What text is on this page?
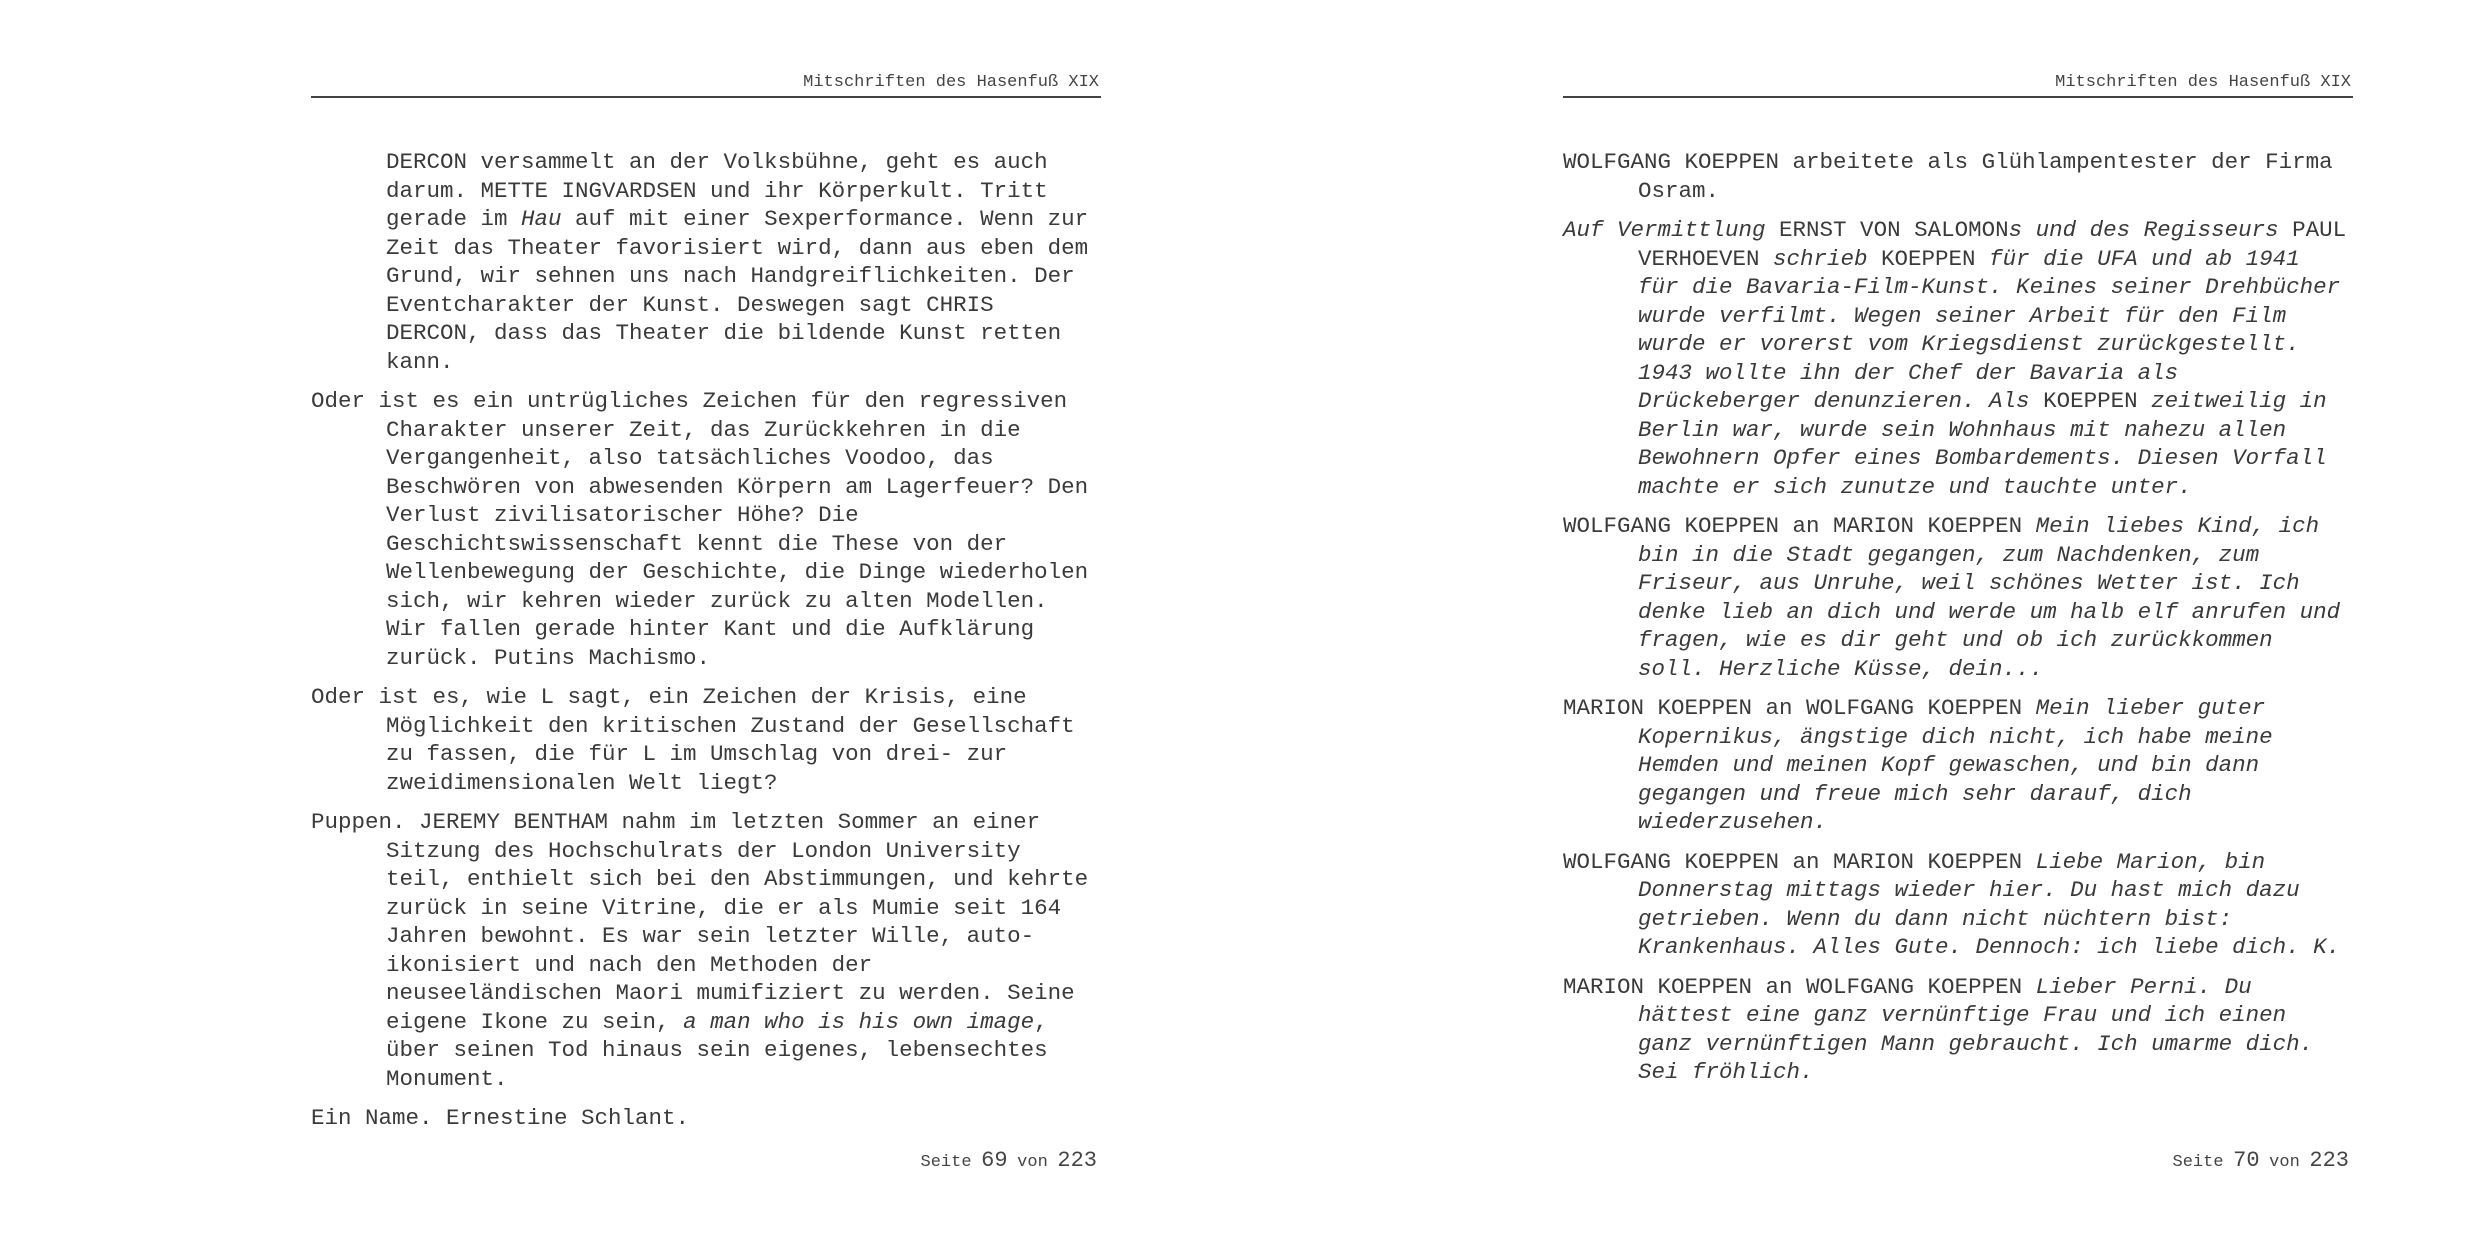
Mitschriften des Hasenfuß XIX

DERCON versammelt an der Volksbühne, geht es auch darum. METTE INGVARDSEN und ihr Körperkult. Tritt gerade im Hau auf mit einer Sexperformance. Wenn zur Zeit das Theater favorisiert wird, dann aus eben dem Grund, wir sehnen uns nach Handgreiflichkeiten. Der Eventcharakter der Kunst. Deswegen sagt CHRIS DERCON, dass das Theater die bildende Kunst retten kann.

Oder ist es ein untrügliches Zeichen für den regressiven Charakter unserer Zeit, das Zurückkehren in die Vergangenheit, also tatsächliches Voodoo, das Beschwören von abwesenden Körpern am Lagerfeuer? Den Verlust zivilisatorischer Höhe? Die Geschichtswissenschaft kennt die These von der Wellenbewegung der Geschichte, die Dinge wiederholen sich, wir kehren wieder zurück zu alten Modellen. Wir fallen gerade hinter Kant und die Aufklärung zurück. Putins Machismo.

Oder ist es, wie L sagt, ein Zeichen der Krisis, eine Möglichkeit den kritischen Zustand der Gesellschaft zu fassen, die für L im Umschlag von drei- zur zweidimensionalen Welt liegt?

Puppen. JEREMY BENTHAM nahm im letzten Sommer an einer Sitzung des Hochschulrats der London University teil, enthielt sich bei den Abstimmungen, und kehrte zurück in seine Vitrine, die er als Mumie seit 164 Jahren bewohnt. Es war sein letzter Wille, auto-ikonisiert und nach den Methoden der neuseeländischen Maori mumifiziert zu werden. Seine eigene Ikone zu sein, a man who is his own image, über seinen Tod hinaus sein eigenes, lebensechtes Monument.

Ein Name. Ernestine Schlant.

Seite 69 von 223
Mitschriften des Hasenfuß XIX

WOLFGANG KOEPPEN arbeitete als Glühlampentester der Firma Osram.

Auf Vermittlung ERNST VON SALOMONs und des Regisseurs PAUL VERHOEVEN schrieb KOEPPEN für die UFA und ab 1941 für die Bavaria-Film-Kunst. Keines seiner Drehbücher wurde verfilmt. Wegen seiner Arbeit für den Film wurde er vorerst vom Kriegsdienst zurückgestellt. 1943 wollte ihn der Chef der Bavaria als Drückeberger denunzieren. Als KOEPPEN zeitweilig in Berlin war, wurde sein Wohnhaus mit nahezu allen Bewohnern Opfer eines Bombardements. Diesen Vorfall machte er sich zunutze und tauchte unter.

WOLFGANG KOEPPEN an MARION KOEPPEN Mein liebes Kind, ich bin in die Stadt gegangen, zum Nachdenken, zum Friseur, aus Unruhe, weil schönes Wetter ist. Ich denke lieb an dich und werde um halb elf anrufen und fragen, wie es dir geht und ob ich zurückkommen soll. Herzliche Küsse, dein...

MARION KOEPPEN an WOLFGANG KOEPPEN Mein lieber guter Kopernikus, ängstige dich nicht, ich habe meine Hemden und meinen Kopf gewaschen, und bin dann gegangen und freue mich sehr darauf, dich wiederzusehen.

WOLFGANG KOEPPEN an MARION KOEPPEN Liebe Marion, bin Donnerstag mittags wieder hier. Du hast mich dazu getrieben. Wenn du dann nicht nüchtern bist: Krankenhaus. Alles Gute. Dennoch: ich liebe dich. K.

MARION KOEPPEN an WOLFGANG KOEPPEN Lieber Perni. Du hättest eine ganz vernünftige Frau und ich einen ganz vernünftigen Mann gebraucht. Ich umarme dich. Sei fröhlich.

Seite 70 von 223
